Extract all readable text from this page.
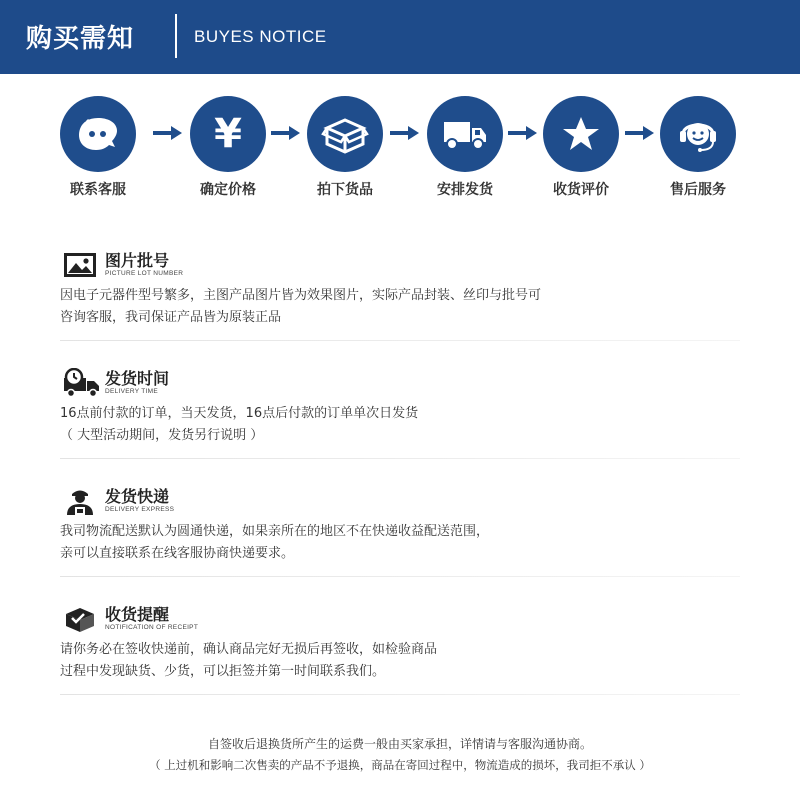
购买需知	BUYES NOTICE
联系客服
¥
确定价格	拍下货品	安排发货	收货评价	售后服务
图片批号
PICTURE LOT NUMBER
因电子元器件型号繁多，主图产品图片皆为效果图片，实际产品封装、丝印与批号可
咨询客服，我司保证产品皆为原装正品
发货时间
DELIVERY TIME
16点前付款的订单，当天发货，16点后付款的订单单次日发货
（ 大型活动期间，发货另行说明 ）
发货快递
DELIVERY EXPRESS
我司物流配送默认为圆通快递，如果亲所在的地区不在快递收益配送范围，
亲可以直接联系在线客服协商快递要求。
收货提醒
NOTIFICATION OF RECEIPT
请你务必在签收快递前，确认商品完好无损后再签收，如检验商品
过程中发现缺货、少货，可以拒签并第一时间联系我们。
自签收后退换货所产生的运费一般由买家承担，详情请与客服沟通协商。
（ 上过机和影响二次售卖的产品不予退换，商品在寄回过程中，物流造成的损坏，我司拒不承认 ）
